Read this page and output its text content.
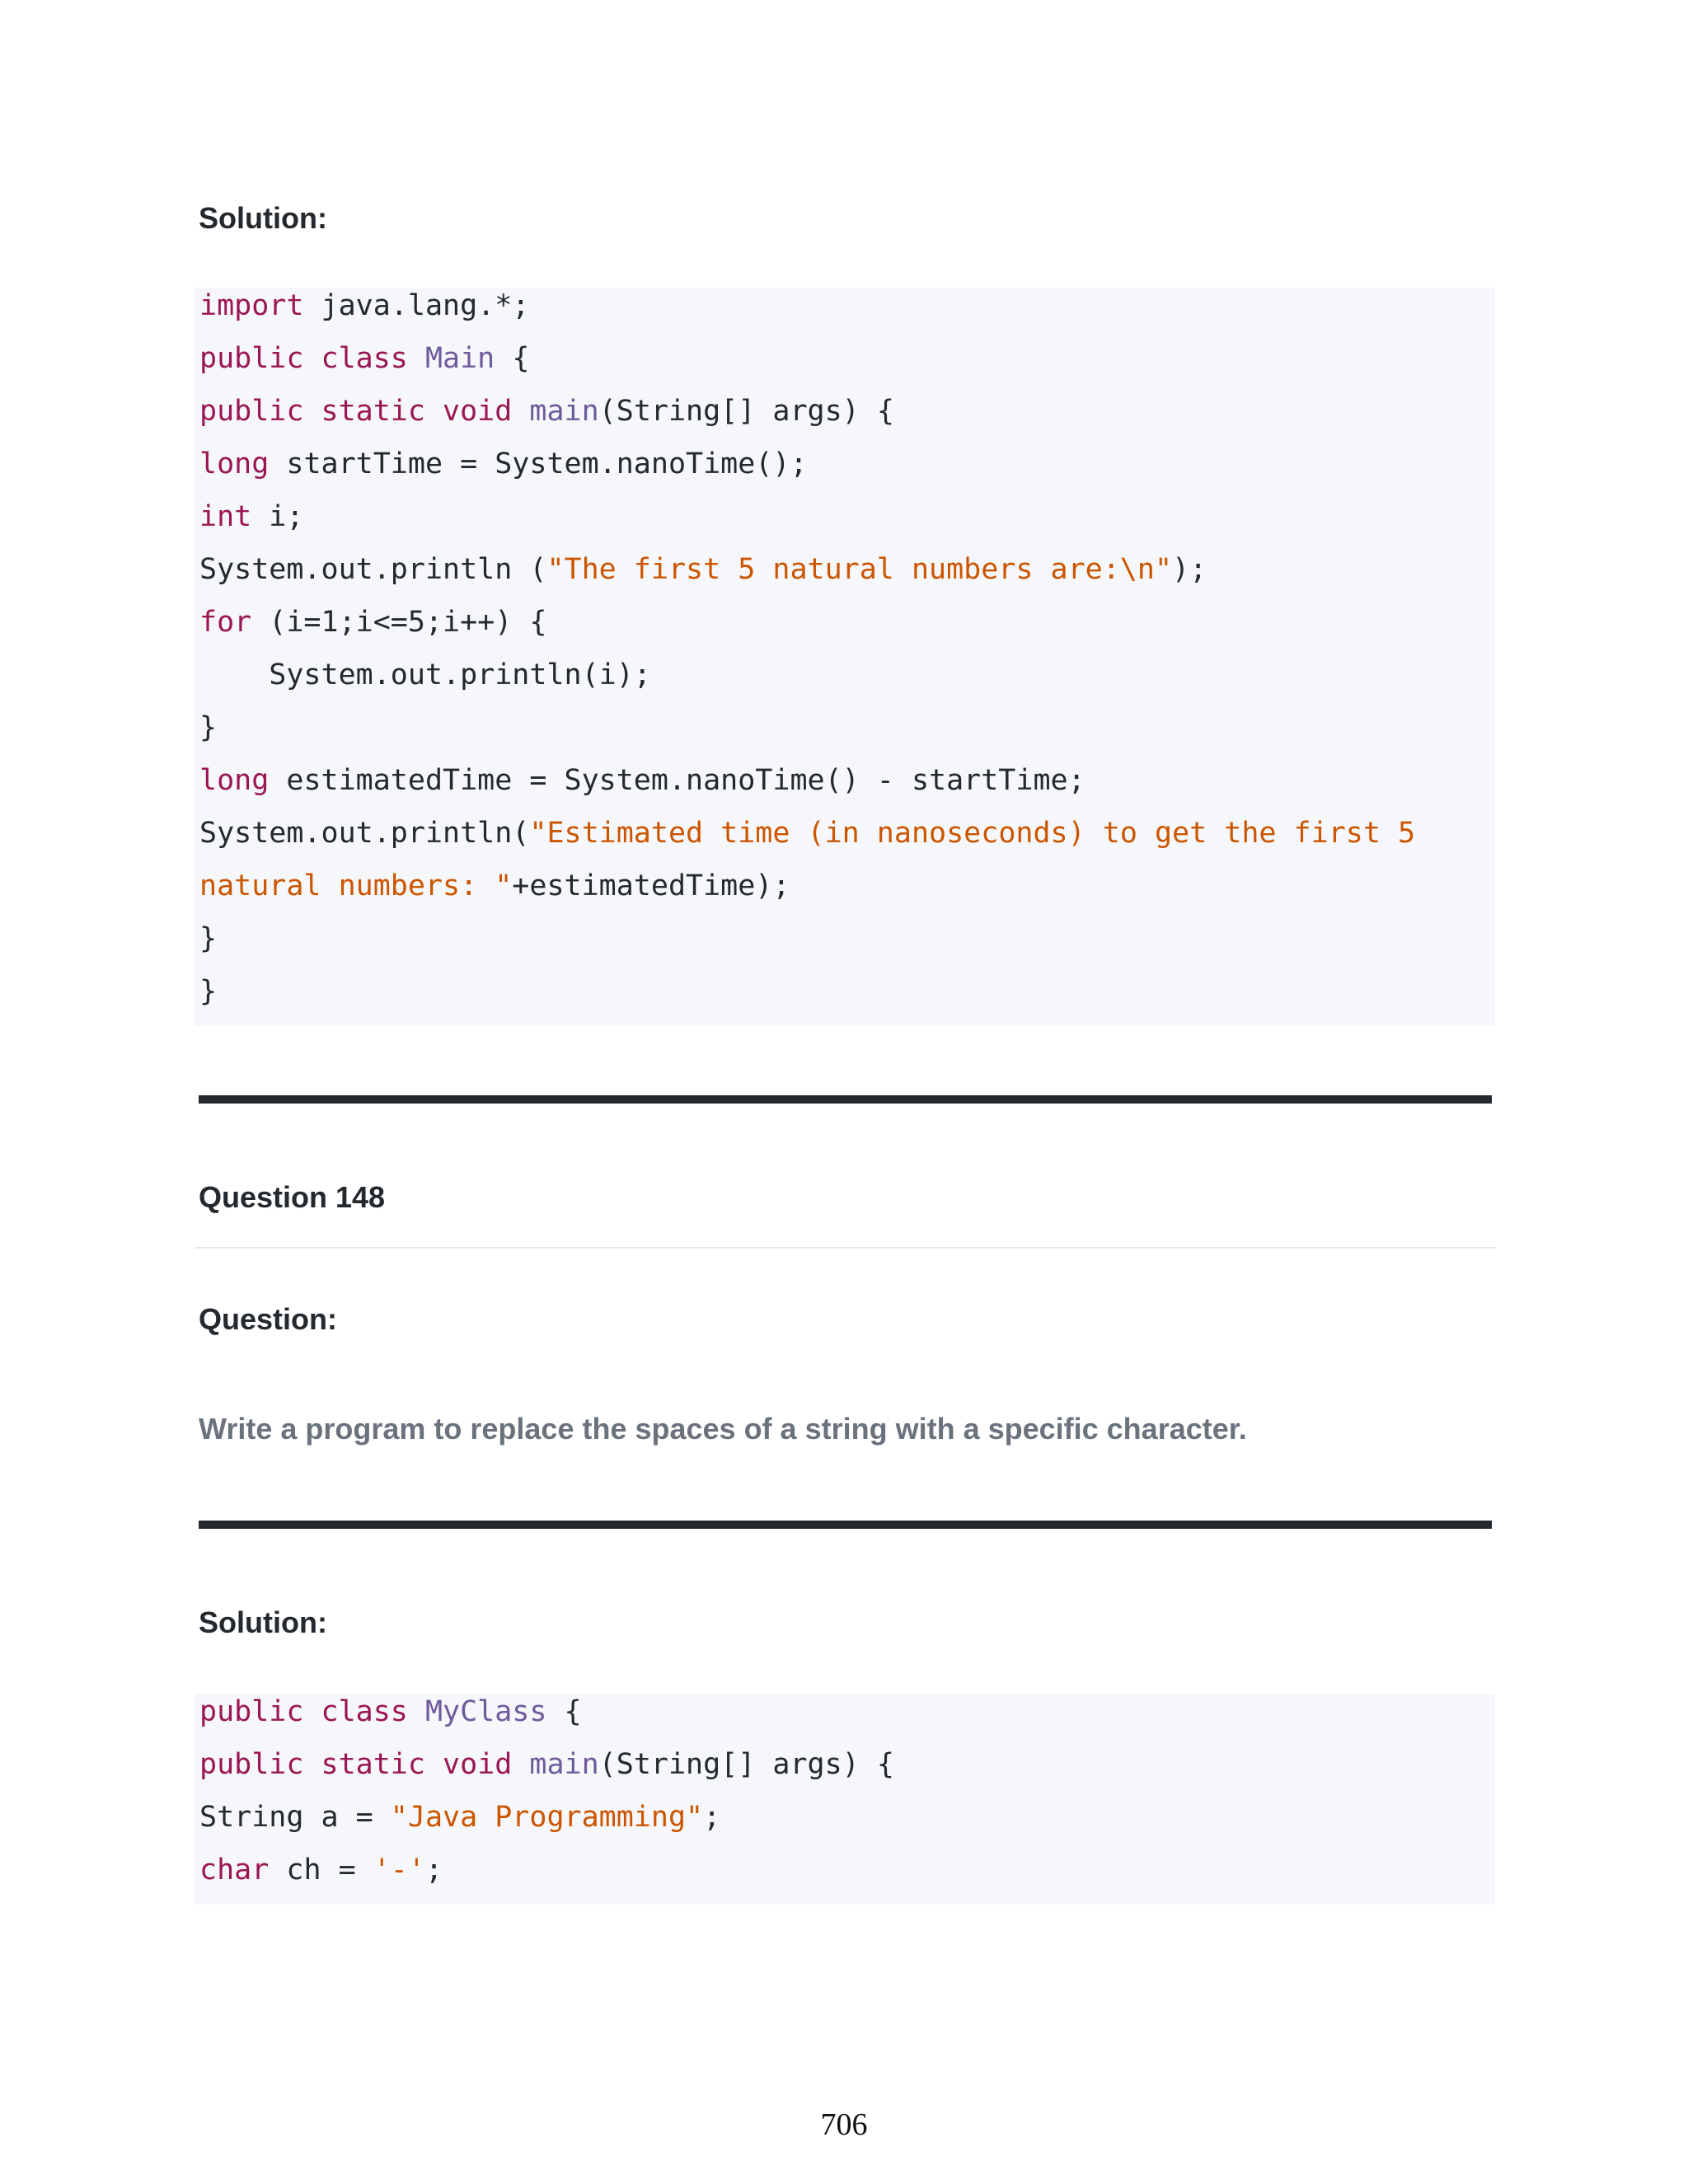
Solution:
import java.lang.*;
public class Main {
public static void main(String[] args) {
long startTime = System.nanoTime();
int i;
System.out.println ("The first 5 natural numbers are:\n");
for (i=1;i<=5;i++) {
System.out.println(i);
}
long estimatedTime = System.nanoTime() - startTime;
System.out.println("Estimated time (in nanoseconds) to get the first 5
natural numbers: "+estimatedTime);
}
}
Question 148
Question:

Write a program to replace the spaces of a string with a specific character.

Solution:
public class MyClass {
public static void main(String[] args) {
String a = "Java Programming";
char ch = '-';
706
